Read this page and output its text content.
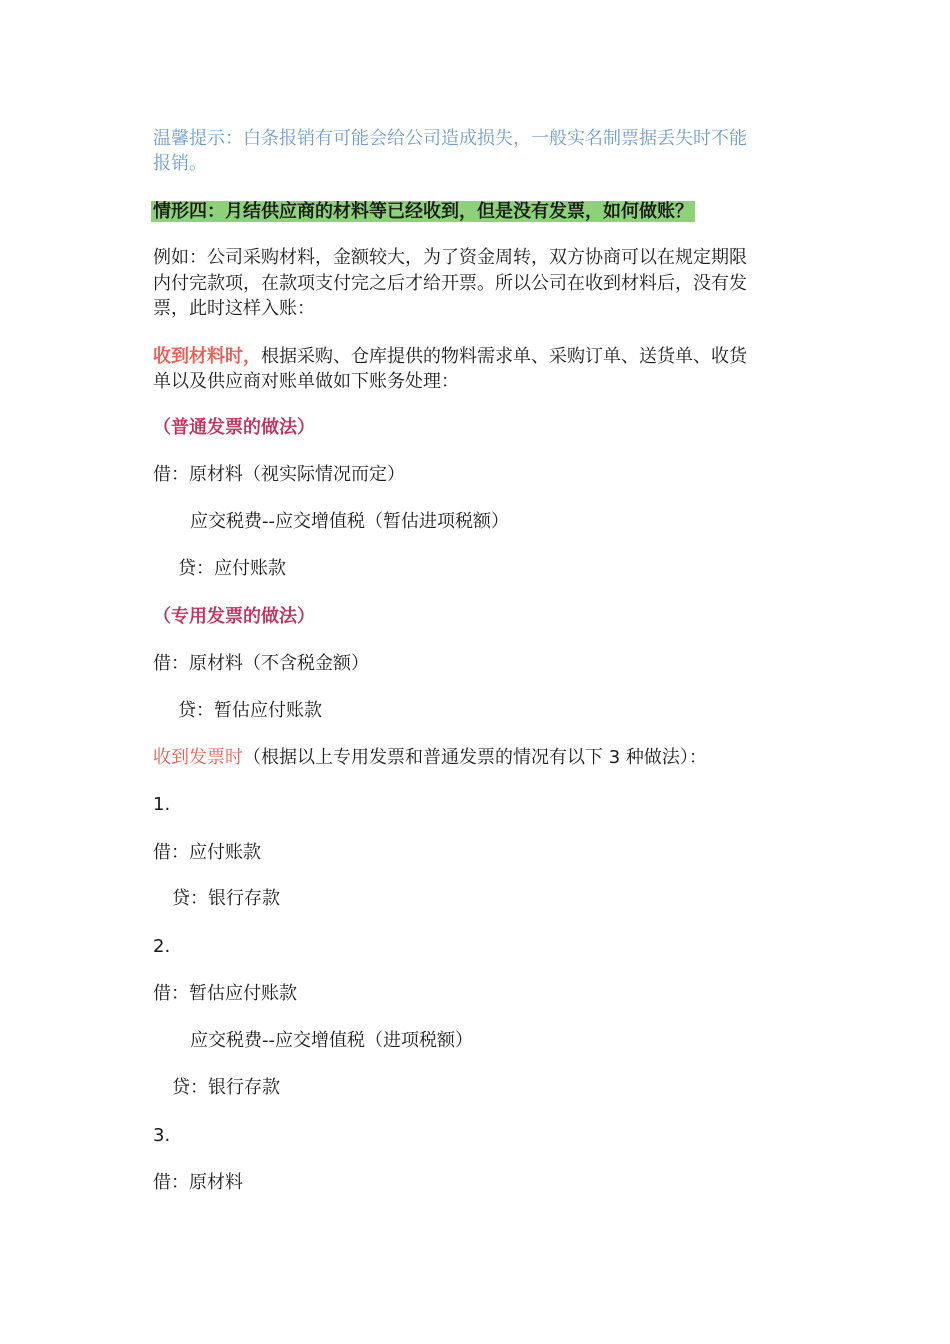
温馨提示：白条报销有可能会给公司造成损失，一般实名制票据丢失时不能
报销。
情形四：月结供应商的材料等已经收到，但是没有发票，如何做账？
例如：公司采购材料，金额较大，为了资金周转，双方协商可以在规定期限
内付完款项，在款项支付完之后才给开票。所以公司在收到材料后，没有发
票，此时这样入账：
收到材料时，根据采购、仓库提供的物料需求单、采购订单、送货单、收货
单以及供应商对账单做如下账务处理：
（普通发票的做法）
借：原材料（视实际情况而定）
应交税费--应交增值税（暂估进项税额）
贷：应付账款
（专用发票的做法）
借：原材料（不含税金额）
贷：暂估应付账款
收到发票时（根据以上专用发票和普通发票的情况有以下 3 种做法）：
1.
借：应付账款
贷：银行存款
2.
借：暂估应付账款
应交税费--应交增值税（进项税额）
贷：银行存款
3.
借：原材料
